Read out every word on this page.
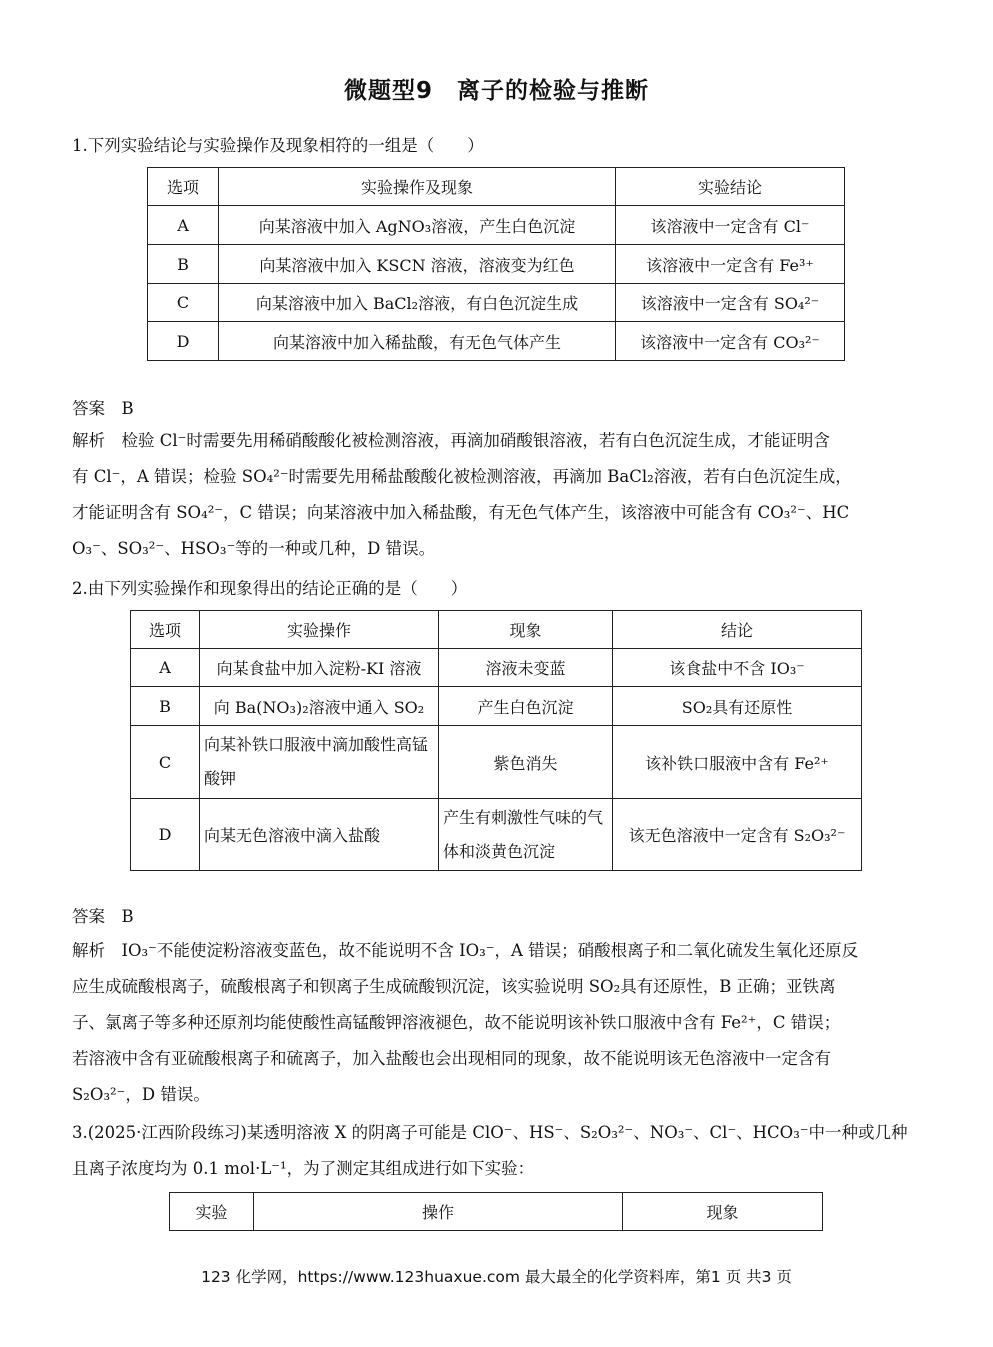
微题型9　离子的检验与推断
1.下列实验结论与实验操作及现象相符的一组是（　　）
选项	实验操作及现象	实验结论
A	向某溶液中加入 AgNO₃溶液，产生白色沉淀	该溶液中一定含有 Cl⁻
B	向某溶液中加入 KSCN 溶液，溶液变为红色	该溶液中一定含有 Fe³⁺
C	向某溶液中加入 BaCl₂溶液，有白色沉淀生成	该溶液中一定含有 SO₄²⁻
D	向某溶液中加入稀盐酸，有无色气体产生	该溶液中一定含有 CO₃²⁻
答案　B
解析　检验 Cl⁻时需要先用稀硝酸酸化被检测溶液，再滴加硝酸银溶液，若有白色沉淀生成，才能证明含
有 Cl⁻，A 错误；检验 SO₄²⁻时需要先用稀盐酸酸化被检测溶液，再滴加 BaCl₂溶液，若有白色沉淀生成，
才能证明含有 SO₄²⁻，C 错误；向某溶液中加入稀盐酸，有无色气体产生，该溶液中可能含有 CO₃²⁻、HC
O₃⁻、SO₃²⁻、HSO₃⁻等的一种或几种，D 错误。
2.由下列实验操作和现象得出的结论正确的是（　　）
选项	实验操作	现象	结论
A	向某食盐中加入淀粉-KI 溶液	溶液未变蓝	该食盐中不含 IO₃⁻
B	向 Ba(NO₃)₂溶液中通入 SO₂	产生白色沉淀	SO₂具有还原性
C	向某补铁口服液中滴加酸性高锰酸钾	紫色消失	该补铁口服液中含有 Fe²⁺
D	向某无色溶液中滴入盐酸	产生有刺激性气味的气体和淡黄色沉淀	该无色溶液中一定含有 S₂O₃²⁻
答案　B
解析　IO₃⁻不能使淀粉溶液变蓝色，故不能说明不含 IO₃⁻，A 错误；硝酸根离子和二氧化硫发生氧化还原反
应生成硫酸根离子，硫酸根离子和钡离子生成硫酸钡沉淀，该实验说明 SO₂具有还原性，B 正确；亚铁离
子、氯离子等多种还原剂均能使酸性高锰酸钾溶液褪色，故不能说明该补铁口服液中含有 Fe²⁺，C 错误；
若溶液中含有亚硫酸根离子和硫离子，加入盐酸也会出现相同的现象，故不能说明该无色溶液中一定含有
S₂O₃²⁻，D 错误。
3.(2025·江西阶段练习)某透明溶液 X 的阴离子可能是 ClO⁻、HS⁻、S₂O₃²⁻、NO₃⁻、Cl⁻、HCO₃⁻中一种或几种
且离子浓度均为 0.1 mol·L⁻¹，为了测定其组成进行如下实验：
实验	操作	现象
123 化学网，https://www.123huaxue.com 最大最全的化学资料库，第1 页 共3 页
